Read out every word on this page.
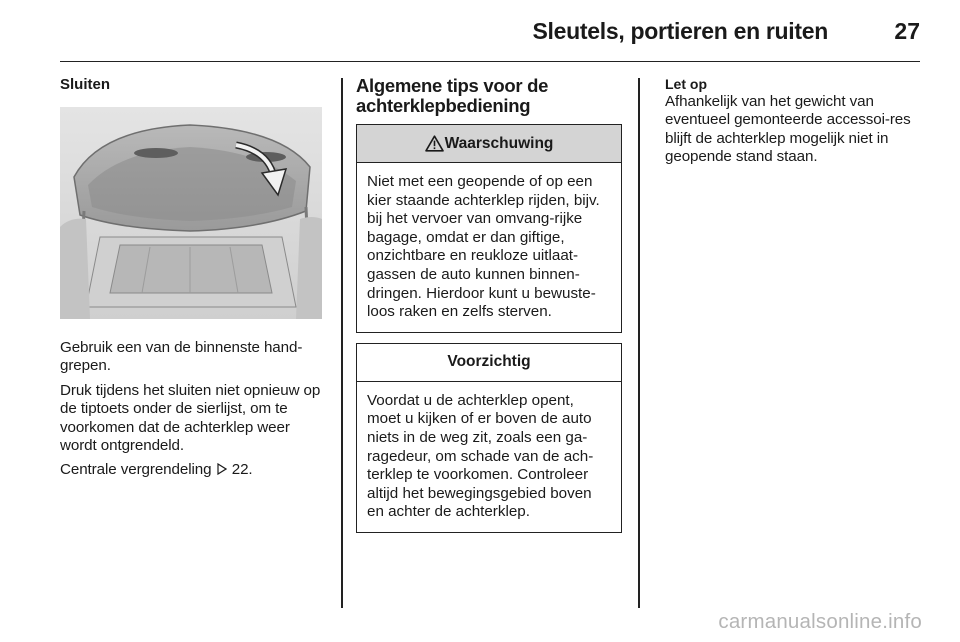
Sleutels, portieren en ruiten	27
Sluiten
Gebruik een van de binnenste hand-grepen.
Druk tijdens het sluiten niet opnieuw op de tiptoets onder de sierlijst, om te voorkomen dat de achterklep weer wordt ontgrendeld.
Centrale vergrendeling 22.
Algemene tips voor de achterklepbediening
Waarschuwing
Niet met een geopende of op een kier staande achterklep rijden, bijv. bij het vervoer van omvang-rijke bagage, omdat er dan giftige, onzichtbare en reukloze uitlaat-gassen de auto kunnen binnen-dringen. Hierdoor kunt u bewuste-loos raken en zelfs sterven.
Voorzichtig
Voordat u de achterklep opent, moet u kijken of er boven de auto niets in de weg zit, zoals een ga-ragedeur, om schade van de ach-terklep te voorkomen. Controleer altijd het bewegingsgebied boven en achter de achterklep.
Let op
Afhankelijk van het gewicht van eventueel gemonteerde accessoi-res blijft de achterklep mogelijk niet in geopende stand staan.
carmanualsonline.info
